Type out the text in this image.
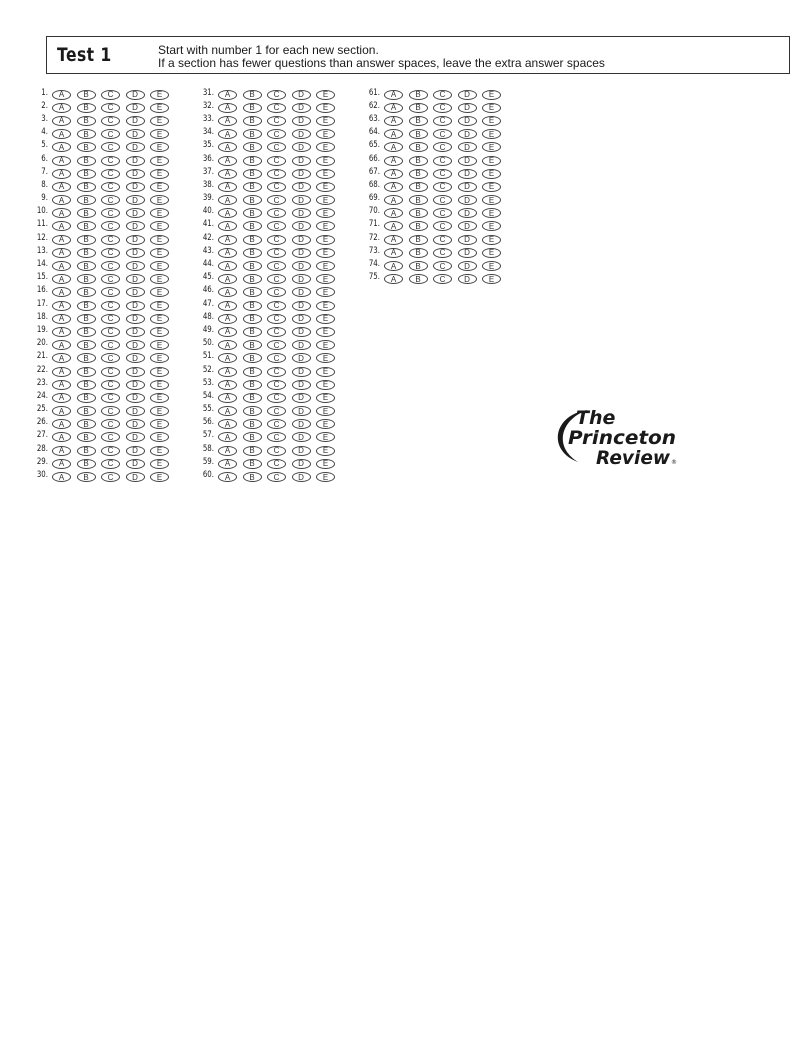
Test 1	Start with number 1 for each new section.
If a section has fewer questions than answer spaces, leave the extra answer spaces
1.	A	B	C	D	E
2.	A	B	C	D	E
3.	A	B	C	D	E
4.	A	B	C	D	E
5.	A	B	C	D	E
6.	A	B	C	D	E
7.	A	B	C	D	E
8.	A	B	C	D	E
9.	A	B	C	D	E
10.	A	B	C	D	E
11.	A	B	C	D	E
12.	A	B	C	D	E
13.	A	B	C	D	E
14.	A	B	C	D	E
15.	A	B	C	D	E
16.	A	B	C	D	E
17.	A	B	C	D	E
18.	A	B	C	D	E
19.	A	B	C	D	E
20.	A	B	C	D	E
21.	A	B	C	D	E
22.	A	B	C	D	E
23.	A	B	C	D	E
24.	A	B	C	D	E
25.	A	B	C	D	E
26.	A	B	C	D	E
27.	A	B	C	D	E
28.	A	B	C	D	E
29.	A	B	C	D	E
30.	A	B	C	D	E
31.	A	B	C	D	E
32.	A	B	C	D	E
33.	A	B	C	D	E
34.	A	B	C	D	E
35.	A	B	C	D	E
36.	A	B	C	D	E
37.	A	B	C	D	E
38.	A	B	C	D	E
39.	A	B	C	D	E
40.	A	B	C	D	E
41.	A	B	C	D	E
42.	A	B	C	D	E
43.	A	B	C	D	E
44.	A	B	C	D	E
45.	A	B	C	D	E
46.	A	B	C	D	E
47.	A	B	C	D	E
48.	A	B	C	D	E
49.	A	B	C	D	E
50.	A	B	C	D	E
51.	A	B	C	D	E
52.	A	B	C	D	E
53.	A	B	C	D	E
54.	A	B	C	D	E
55.	A	B	C	D	E
56.	A	B	C	D	E
57.	A	B	C	D	E
58.	A	B	C	D	E
59.	A	B	C	D	E
60.	A	B	C	D	E
61.	A	B	C	D	E
62.	A	B	C	D	E
63.	A	B	C	D	E
64.	A	B	C	D	E
65.	A	B	C	D	E
66.	A	B	C	D	E
67.	A	B	C	D	E
68.	A	B	C	D	E
69.	A	B	C	D	E
70.	A	B	C	D	E
71.	A	B	C	D	E
72.	A	B	C	D	E
73.	A	B	C	D	E
74.	A	B	C	D	E
75.	A	B	C	D	E
The
Princeton
Review ®
